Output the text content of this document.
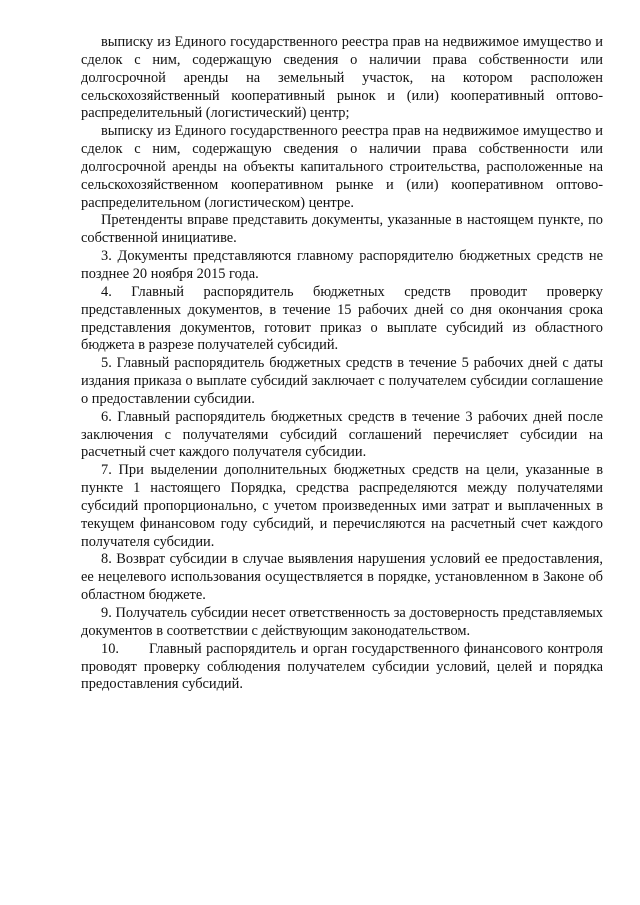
выписку из Единого государственного реестра прав на недвижимое имущество и сделок с ним, содержащую сведения о наличии права собственности или долгосрочной аренды на земельный участок, на котором расположен сельскохозяйственный кооперативный рынок и (или) кооперативный оптово-распределительный (логистический) центр;

выписку из Единого государственного реестра прав на недвижимое имущество и сделок с ним, содержащую сведения о наличии права собственности или долгосрочной аренды на объекты капитального строительства, расположенные на сельскохозяйственном кооперативном рынке и (или) кооперативном оптово-распределительном (логистическом) центре.

Претенденты вправе представить документы, указанные в настоящем пункте, по собственной инициативе.

3. Документы представляются главному распорядителю бюджетных средств не позднее 20 ноября 2015 года.

4. Главный распорядитель бюджетных средств проводит проверку представленных документов, в течение 15 рабочих дней со дня окончания срока представления документов, готовит приказ о выплате субсидий из областного бюджета в разрезе получателей субсидий.

5. Главный распорядитель бюджетных средств в течение 5 рабочих дней с даты издания приказа о выплате субсидий заключает с получателем субсидии соглашение о предоставлении субсидии.

6. Главный распорядитель бюджетных средств в течение 3 рабочих дней после заключения с получателями субсидий соглашений перечисляет субсидии на расчетный счет каждого получателя субсидии.

7. При выделении дополнительных бюджетных средств на цели, указанные в пункте 1 настоящего Порядка, средства распределяются между получателями субсидий пропорционально, с учетом произведенных ими затрат и выплаченных в текущем финансовом году субсидий, и перечисляются на расчетный счет каждого получателя субсидии.

8. Возврат субсидии в случае выявления нарушения условий ее предоставления, ее нецелевого использования осуществляется в порядке, установленном в Законе об областном бюджете.

9. Получатель субсидии несет ответственность за достоверность представляемых документов в соответствии с действующим законодательством.

10. Главный распорядитель и орган государственного финансового контроля проводят проверку соблюдения получателем субсидии условий, целей и порядка предоставления субсидий.
